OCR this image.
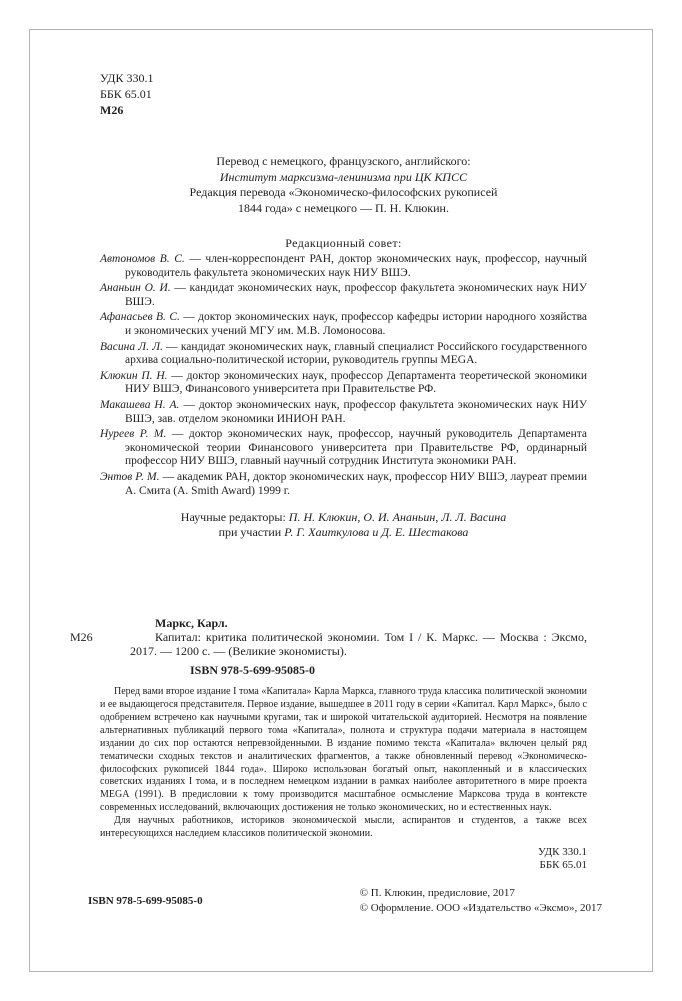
УДК 330.1
ББК 65.01
М26
Перевод с немецкого, французского, английского:
Институт марксизма-ленинизма при ЦК КПСС
Редакция перевода «Экономическо-философских рукописей
1844 года» с немецкого — П. Н. Клюкин.
Редакционный совет:

Автономов В. С. — член-корреспондент РАН, доктор экономических наук, профессор, научный руководитель факультета экономических наук НИУ ВШЭ.

Ананьин О. И. — кандидат экономических наук, профессор факультета экономических наук НИУ ВШЭ.

Афанасьев В. С. — доктор экономических наук, профессор кафедры истории народного хозяйства и экономических учений МГУ им. М.В. Ломоносова.

Васина Л. Л. — кандидат экономических наук, главный специалист Российского государственного архива социально-политической истории, руководитель группы MEGA.

Клюкин П. Н. — доктор экономических наук, профессор Департамента теоретической экономики НИУ ВШЭ, Финансового университета при Правительстве РФ.

Макашева Н. А. — доктор экономических наук, профессор факультета экономических наук НИУ ВШЭ, зав. отделом экономики ИНИОН РАН.

Нуреев Р. М. — доктор экономических наук, профессор, научный руководитель Департамента экономической теории Финансового университета при Правительстве РФ, ординарный профессор НИУ ВШЭ, главный научный сотрудник Института экономики РАН.

Энтов Р. М. — академик РАН, доктор экономических наук, профессор НИУ ВШЭ, лауреат премии А. Смита (A. Smith Award) 1999 г.

Научные редакторы: П. Н. Клюкин, О. И. Ананьин, Л. Л. Васина
при участии Р. Г. Хаиткулова и Д. Е. Шестакова
М26

Маркс, Карл.

Капитал: критика политической экономии. Том I / К. Маркс. — Москва : Эксмо, 2017. — 1200 с. — (Великие экономисты).

ISBN 978-5-699-95085-0

Перед вами второе издание I тома «Капитала» Карла Маркса, главного труда классика политической экономии и ее выдающегося представителя. Первое издание, вышедшее в 2011 году в серии «Капитал. Карл Маркс», было с одобрением встречено как научными кругами, так и широкой читательской аудиторией. Несмотря на появление альтернативных публикаций первого тома «Капитала», полнота и структура подачи материала в настоящем издании до сих пор остаются непревзойденными. В издание помимо текста «Капитала» включен целый ряд тематически сходных текстов и аналитических фрагментов, а также обновленный перевод «Экономическо-философских рукописей 1844 года». Широко использован богатый опыт, накопленный и в классических советских изданиях I тома, и в последнем немецком издании в рамках наиболее авторитетного в мире проекта MEGA (1991). В предисловии к тому производится масштабное осмысление Марксова труда в контексте современных исследований, включающих достижения не только экономических, но и естественных наук.

Для научных работников, историков экономической мысли, аспирантов и студентов, а также всех интересующихся наследием классиков политической экономии.

УДК 330.1
ББК 65.01
ISBN 978-5-699-95085-0
© П. Клюкин, предисловие, 2017
© Оформление. ООО «Издательство «Эксмо», 2017
